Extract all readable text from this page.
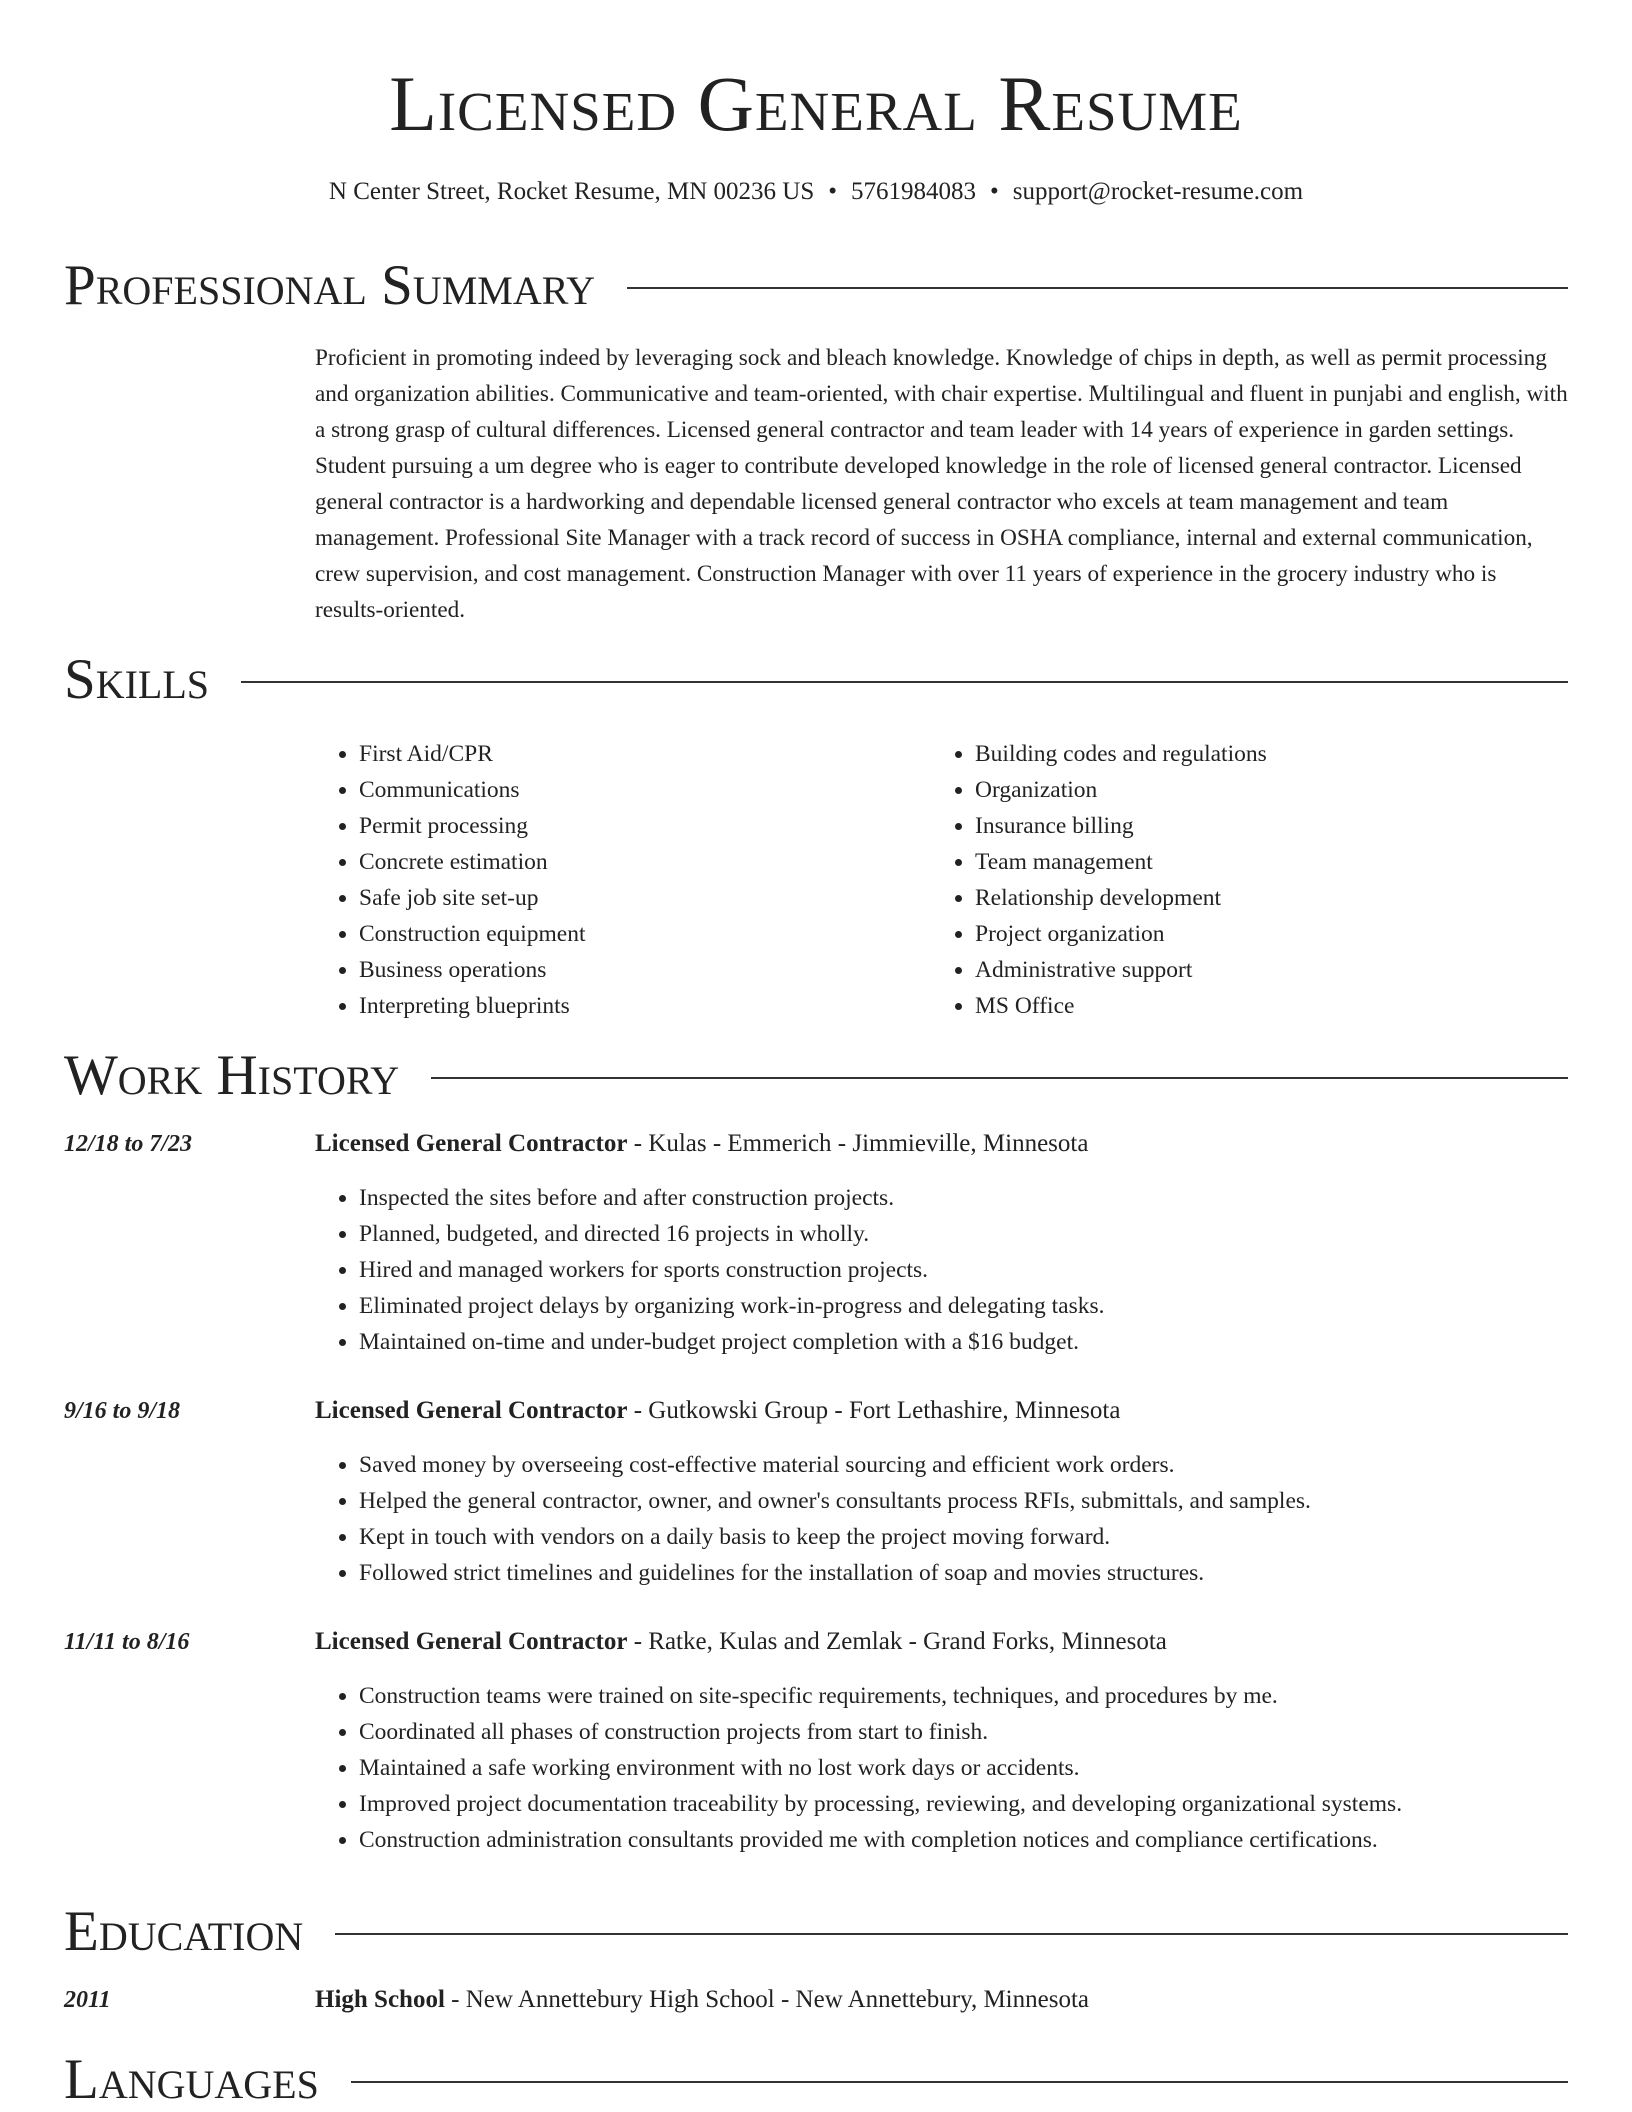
Licensed General Resume
N Center Street, Rocket Resume, MN 00236 US • 5761984083 • support@rocket-resume.com
Professional Summary

Proficient in promoting indeed by leveraging sock and bleach knowledge. Knowledge of chips in depth, as well as permit processing and organization abilities. Communicative and team-oriented, with chair expertise. Multilingual and fluent in punjabi and english, with a strong grasp of cultural differences. Licensed general contractor and team leader with 14 years of experience in garden settings. Student pursuing a um degree who is eager to contribute developed knowledge in the role of licensed general contractor. Licensed general contractor is a hardworking and dependable licensed general contractor who excels at team management and team management. Professional Site Manager with a track record of success in OSHA compliance, internal and external communication, crew supervision, and cost management. Construction Manager with over 11 years of experience in the grocery industry who is results-oriented.

Skills
• First Aid/CPR
• Communications
• Permit processing
• Concrete estimation
• Safe job site set-up
• Construction equipment
• Business operations
• Interpreting blueprints
• Building codes and regulations
• Organization
• Insurance billing
• Team management
• Relationship development
• Project organization
• Administrative support
• MS Office
Work History
12/18 to 7/23	Licensed General Contractor - Kulas - Emmerich - Jimmieville, Minnesota
• Inspected the sites before and after construction projects.
• Planned, budgeted, and directed 16 projects in wholly.
• Hired and managed workers for sports construction projects.
• Eliminated project delays by organizing work-in-progress and delegating tasks.
• Maintained on-time and under-budget project completion with a $16 budget.
9/16 to 9/18	Licensed General Contractor - Gutkowski Group - Fort Lethashire, Minnesota
• Saved money by overseeing cost-effective material sourcing and efficient work orders.
• Helped the general contractor, owner, and owner's consultants process RFIs, submittals, and samples.
• Kept in touch with vendors on a daily basis to keep the project moving forward.
• Followed strict timelines and guidelines for the installation of soap and movies structures.
11/11 to 8/16	Licensed General Contractor - Ratke, Kulas and Zemlak - Grand Forks, Minnesota
• Construction teams were trained on site-specific requirements, techniques, and procedures by me.
• Coordinated all phases of construction projects from start to finish.
• Maintained a safe working environment with no lost work days or accidents.
• Improved project documentation traceability by processing, reviewing, and developing organizational systems.
• Construction administration consultants provided me with completion notices and compliance certifications.
Education
2011	High School - New Annettebury High School - New Annettebury, Minnesota
Languages
